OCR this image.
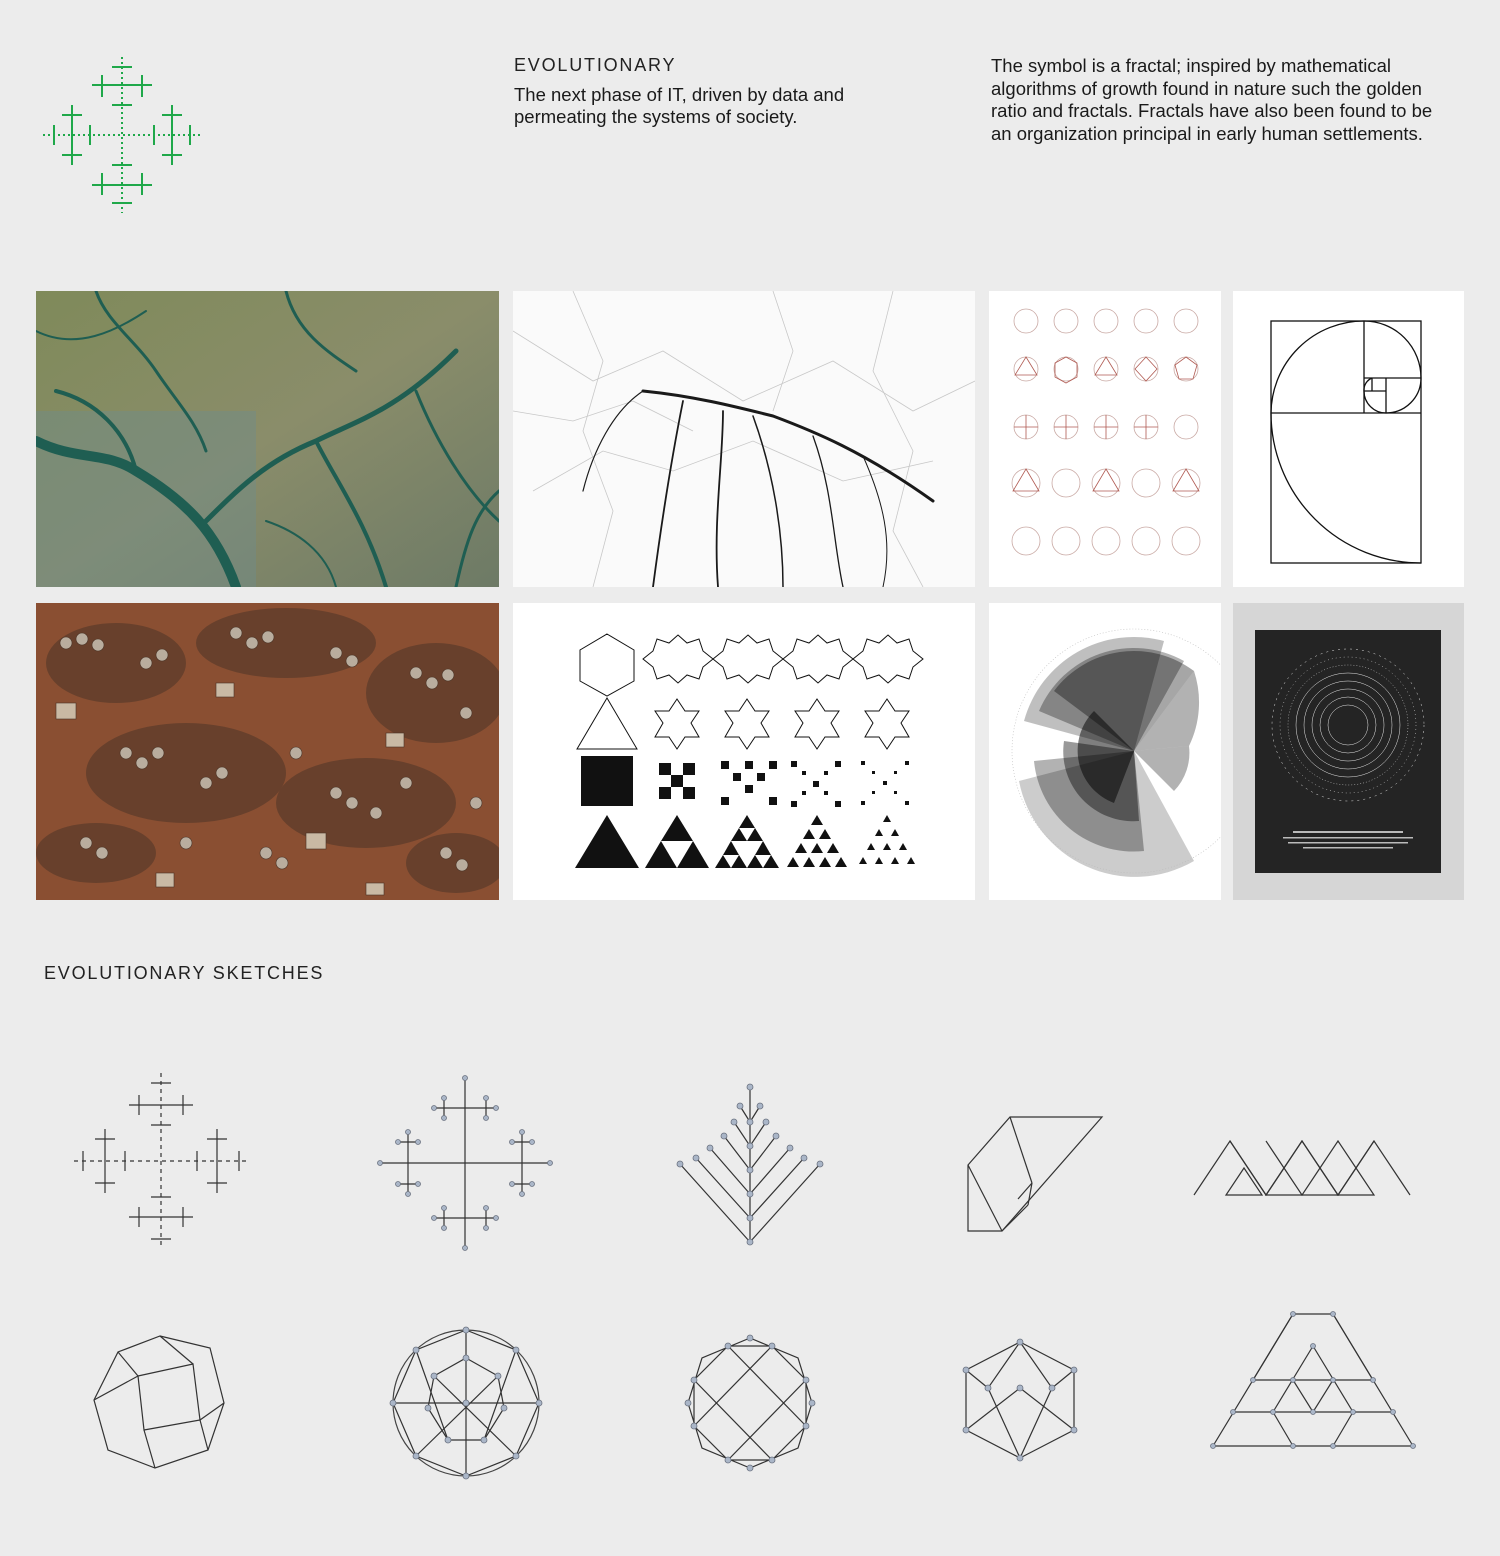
EVOLUTIONARY
The next phase of IT, driven by data and permeating the systems of society.
The symbol is a fractal; inspired by mathematical algorithms of growth found in nature such the golden ratio and fractals. Fractals have also been found to be an organization principal in early human settlements.
EVOLUTIONARY SKETCHES
